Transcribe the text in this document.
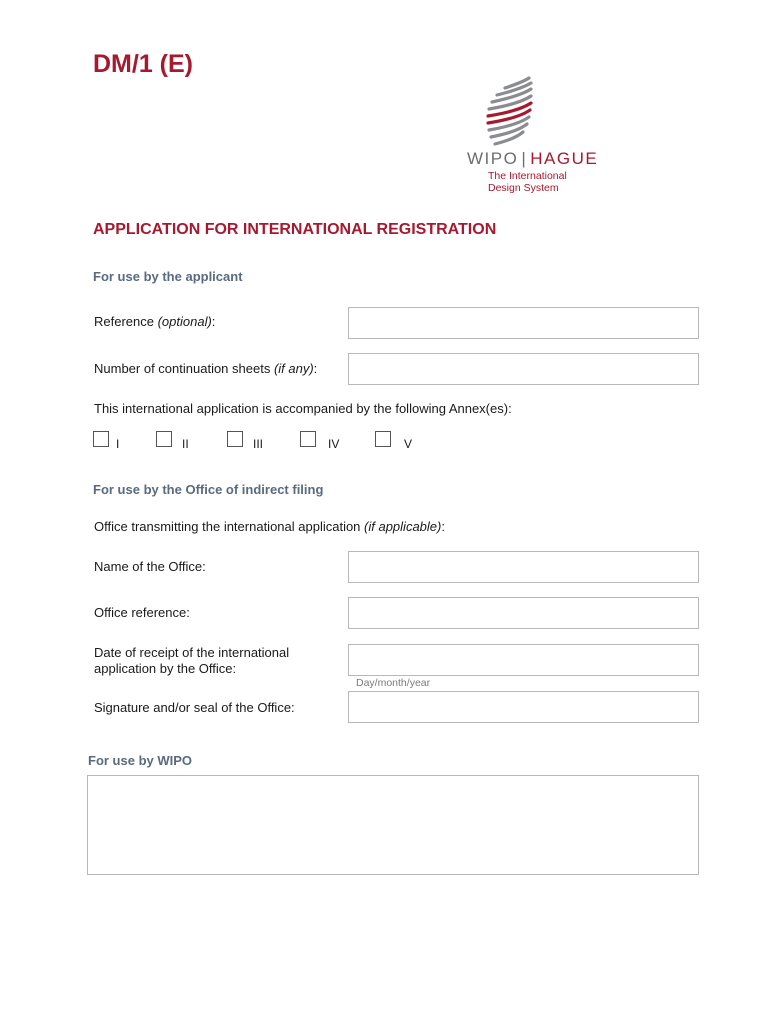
DM/1 (E)
WIPO | HAGUE
The International
Design System
APPLICATION FOR INTERNATIONAL REGISTRATION
For use by the applicant
Reference (optional):
Number of continuation sheets (if any):
This international application is accompanied by the following Annex(es):
I	II	III	IV	V
For use by the Office of indirect filing
Office transmitting the international application (if applicable):
Name of the Office:
Office reference:
Date of receipt of the international
application by the Office:
Day/month/year
Signature and/or seal of the Office:
For use by WIPO
